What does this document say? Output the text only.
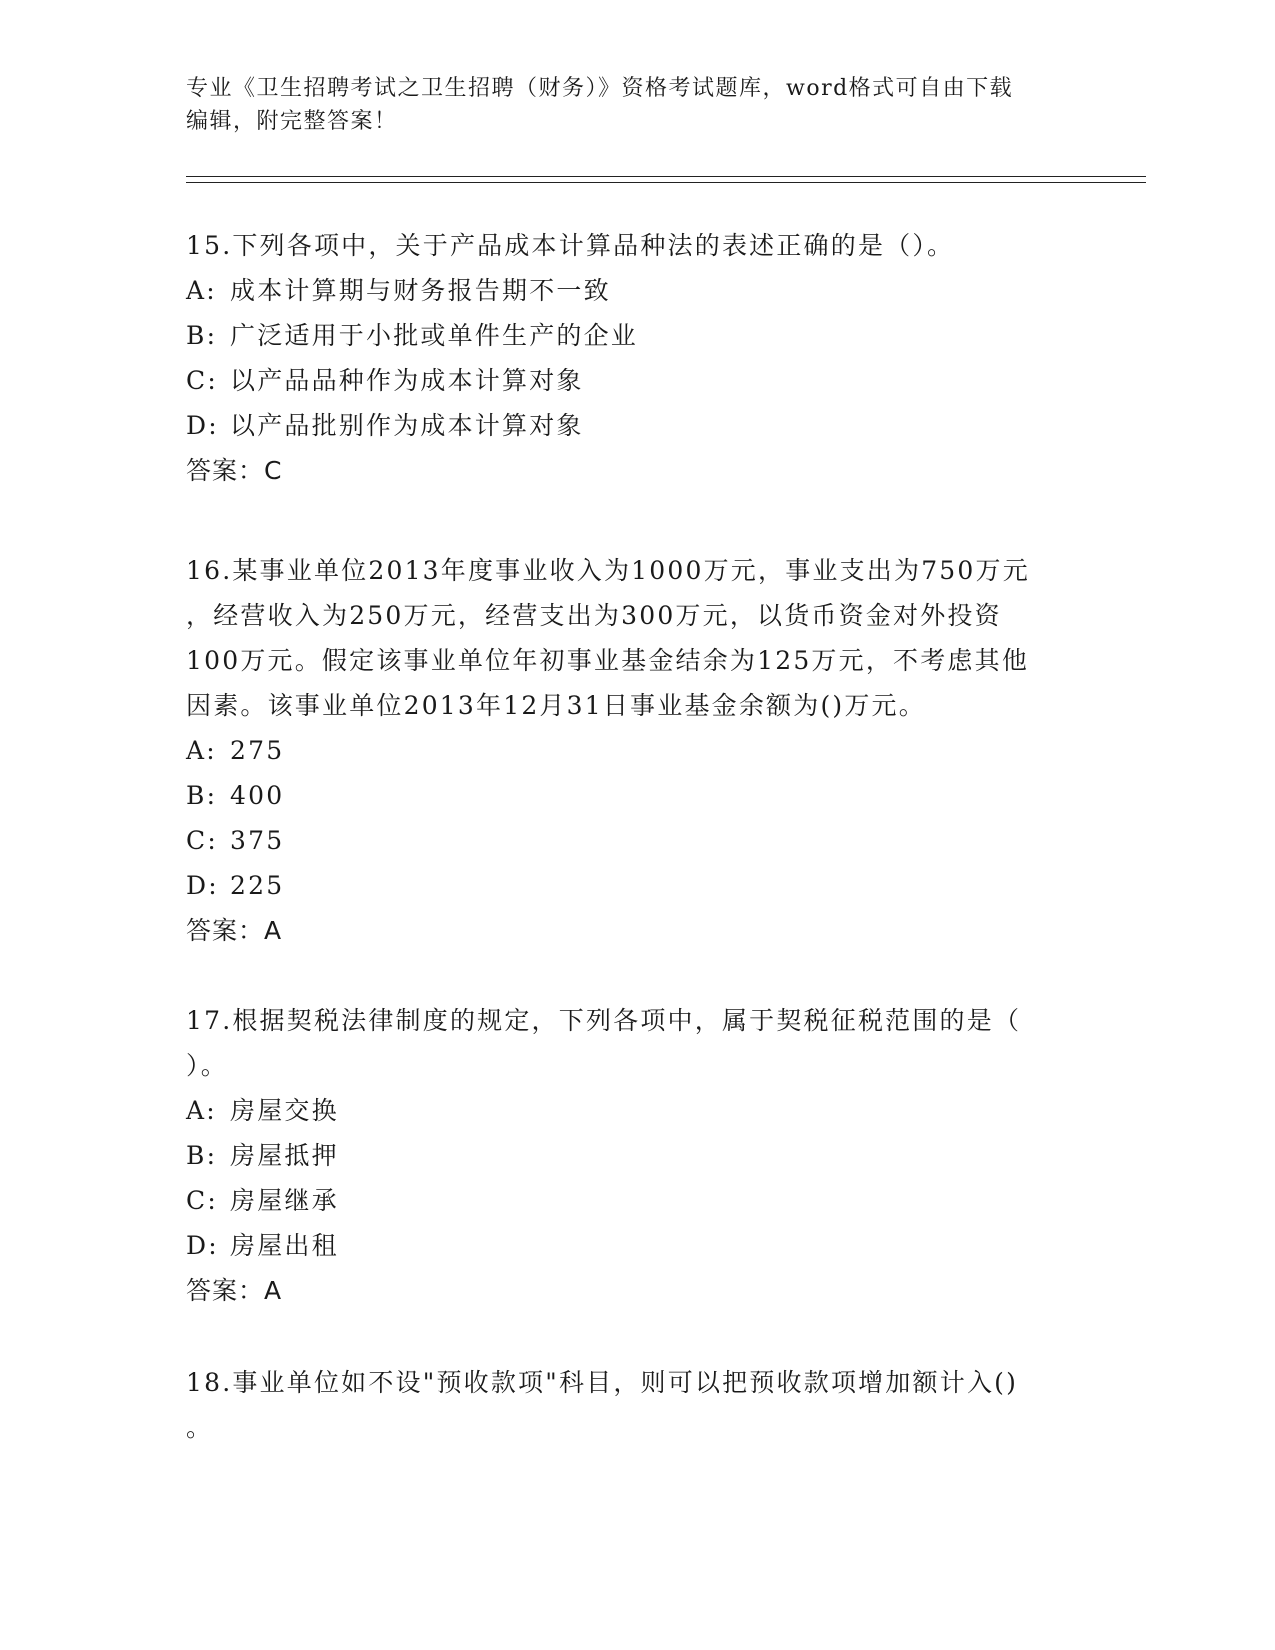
专业《卫生招聘考试之卫生招聘（财务）》资格考试题库，word格式可自由下载

编辑，附完整答案！

15.下列各项中，关于产品成本计算品种法的表述正确的是（）。

A: 成本计算期与财务报告期不一致

B: 广泛适用于小批或单件生产的企业

C: 以产品品种作为成本计算对象

D: 以产品批别作为成本计算对象

答案：C

16.某事业单位2013年度事业收入为1000万元，事业支出为750万元

，经营收入为250万元，经营支出为300万元，以货币资金对外投资

100万元。假定该事业单位年初事业基金结余为125万元，不考虑其他

因素。该事业单位2013年12月31日事业基金余额为()万元。

A: 275

B: 400

C: 375

D: 225

答案：A

17.根据契税法律制度的规定，下列各项中，属于契税征税范围的是（

）。

A: 房屋交换

B: 房屋抵押

C: 房屋继承

D: 房屋出租

答案：A

18.事业单位如不设"预收款项"科目，则可以把预收款项增加额计入()

。
